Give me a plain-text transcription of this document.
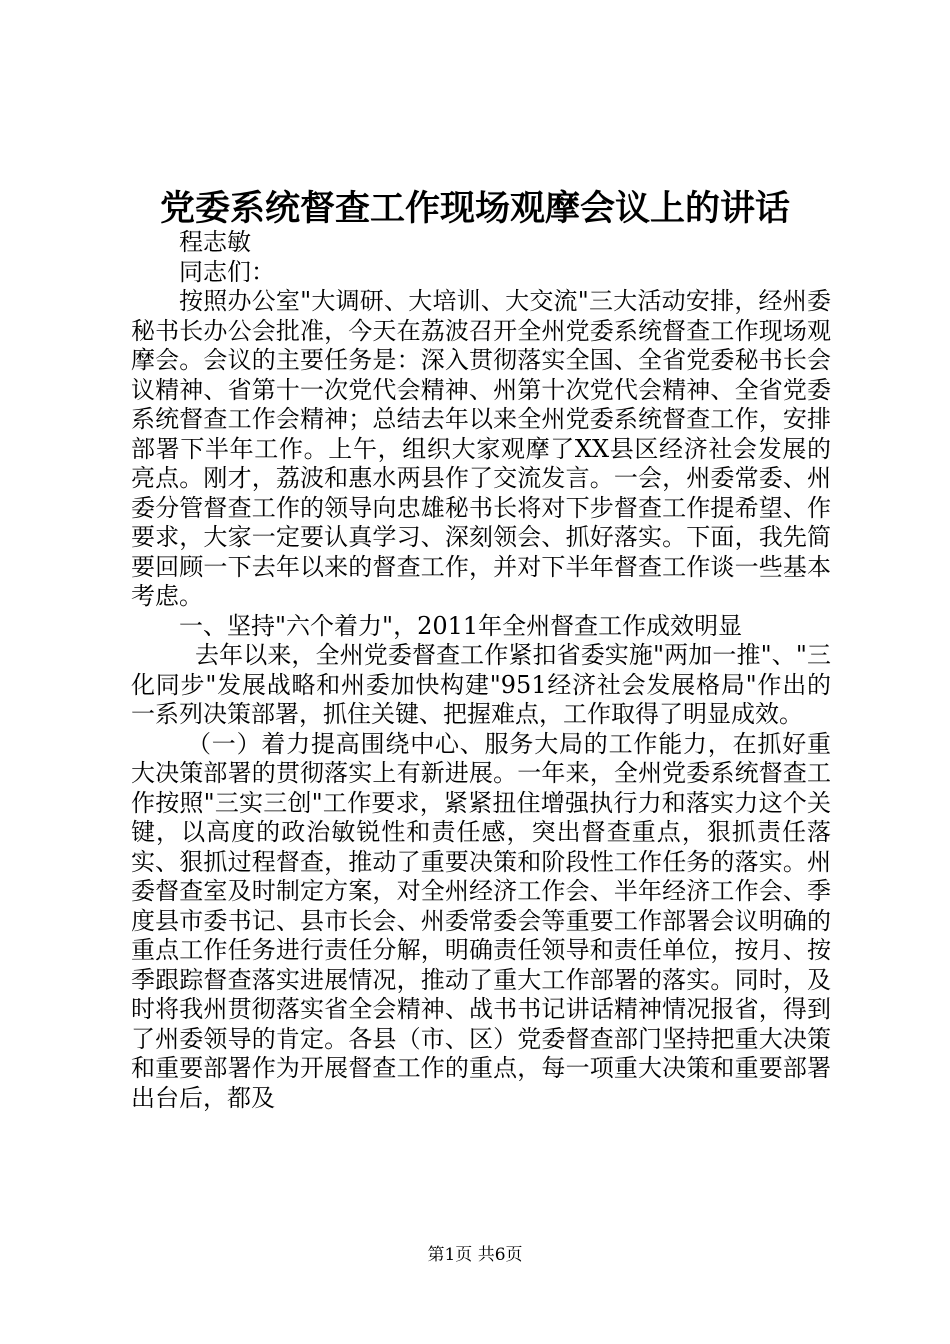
党委系统督查工作现场观摩会议上的讲话

程志敏

同志们：

按照办公室"大调研、大培训、大交流"三大活动安排，经州委秘书长办公会批准，今天在荔波召开全州党委系统督查工作现场观摩会。会议的主要任务是：深入贯彻落实全国、全省党委秘书长会议精神、省第十一次党代会精神、州第十次党代会精神、全省党委系统督查工作会精神；总结去年以来全州党委系统督查工作，安排部署下半年工作。上午，组织大家观摩了XX县区经济社会发展的亮点。刚才，荔波和惠水两县作了交流发言。一会，州委常委、州委分管督查工作的领导向忠雄秘书长将对下步督查工作提希望、作要求，大家一定要认真学习、深刻领会、抓好落实。下面，我先简要回顾一下去年以来的督查工作，并对下半年督查工作谈一些基本考虑。

一、坚持"六个着力"，2011年全州督查工作成效明显

去年以来，全州党委督查工作紧扣省委实施"两加一推"、"三化同步"发展战略和州委加快构建"951经济社会发展格局"作出的一系列决策部署，抓住关键、把握难点，工作取得了明显成效。

（一）着力提高围绕中心、服务大局的工作能力，在抓好重大决策部署的贯彻落实上有新进展。一年来，全州党委系统督查工作按照"三实三创"工作要求，紧紧扭住增强执行力和落实力这个关键，以高度的政治敏锐性和责任感，突出督查重点，狠抓责任落实、狠抓过程督查，推动了重要决策和阶段性工作任务的落实。州委督查室及时制定方案，对全州经济工作会、半年经济工作会、季度县市委书记、县市长会、州委常委会等重要工作部署会议明确的重点工作任务进行责任分解，明确责任领导和责任单位，按月、按季跟踪督查落实进展情况，推动了重大工作部署的落实。同时，及时将我州贯彻落实省全会精神、战书书记讲话精神情况报省，得到了州委领导的肯定。各县（市、区）党委督查部门坚持把重大决策和重要部署作为开展督查工作的重点，每一项重大决策和重要部署出台后，都及

第1页 共6页
